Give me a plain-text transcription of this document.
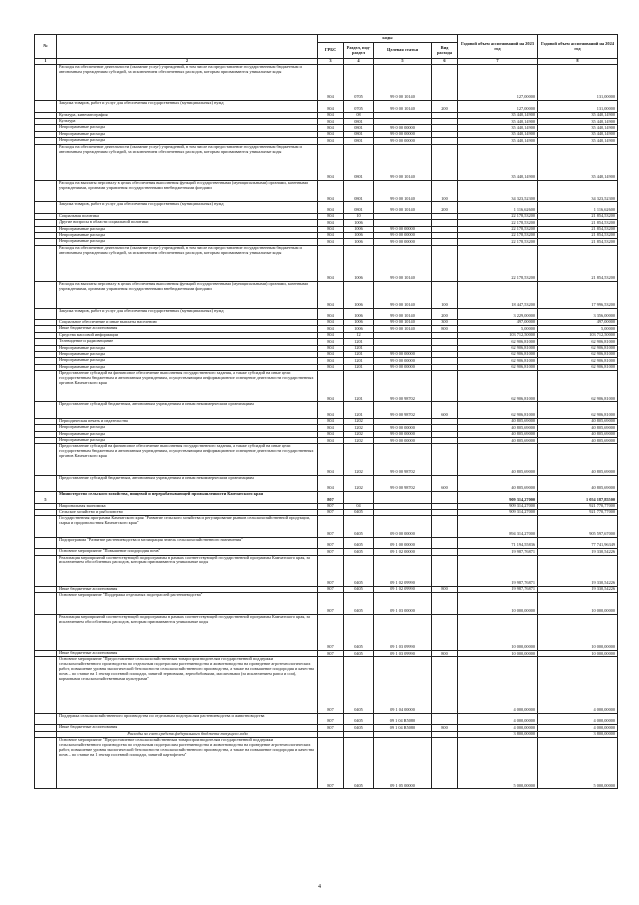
№		коды				Годовой объем ассигнований на 2023 год	Годовой объем ассигнований на 2024 год
		ГРБС	Раздел, под-раздел	Целевая статья	Вид расхода		
1	2	3	4	5	6	7	8
	Расходы на обеспечение деятельности (оказание услуг) учреждений, в том числе на предоставление государственным бюджетным и автономным учреждениям субсидий, за исключением обеспеченных расходов, которым присваиваются уникальные коды	804	0705	99 0 00 10140		127,00000	131,00000
	Закупка товаров, работ и услуг для обеспечения государственных (муниципальных) нужд	804	0705	99 0 00 10140	200	127,00000	131,00000
	Культура, кинематография	804	08			35 440,14900	35 440,14900
	Культура	804	0801			35 440,14900	35 440,14900
	Непрограммные расходы	804	0801	99 0 00 00000		35 440,14900	35 440,14900
	Непрограммные расходы	804	0801	99 0 00 00000		35 440,14900	35 440,14900
	Непрограммные расходы	804	0801	99 0 00 00000		35 440,14900	35 440,14900
	Расходы на обеспечение деятельности (оказание услуг) учреждений, в том числе на предоставление государственным бюджетным и автономным учреждениям субсидий, за исключением обеспеченных расходов, которым присваиваются уникальные коды	804	0801	99 0 00 10140		35 440,14900	35 440,14900
	Расходы на выплаты персоналу в целях обеспечения выполнения функций государственными (муниципальными) органами, казенными учреждениями, органами управления государственными внебюджетными фондами	804	0801	99 0 00 10140	100	34 323,52300	34 323,52300
	Закупка товаров, работ и услуг для обеспечения государственных (муниципальных) нужд	804	0801	99 0 00 10140	200	1 116,62600	1 116,62600
	Социальная политика	804	10			22 178,53200	21 854,53200
	Другие вопросы в области социальной политики	804	1006			22 178,53200	21 854,53200
	Непрограммные расходы	804	1006	99 0 00 00000		22 178,53200	21 854,53200
	Непрограммные расходы	804	1006	99 0 00 00000		22 178,53200	21 854,53200
	Непрограммные расходы	804	1006	99 0 00 00000		22 178,53200	21 854,53200
	Расходы на обеспечение деятельности (оказание услуг) учреждений, в том числе на предоставление государственным бюджетным и автономным учреждениям субсидий, за исключением обеспеченных расходов, которым присваиваются уникальные коды	804	1006	99 0 00 10140		22 178,53200	21 854,53200
	Расходы на выплаты персоналу в целях обеспечения выполнения функций государственными (муниципальными) органами, казенными учреждениями, органами управления государственными внебюджетными фондами	804	1006	99 0 00 10140	100	18 447,53200	17 996,53200
	Закупка товаров, работ и услуг для обеспечения государственных (муниципальных) нужд	804	1006	99 0 00 10140	200	3 229,00000	3 356,00000
	Социальное обеспечение и иные выплаты населению	804	1006	99 0 00 10140	300	497,00000	497,00000
	Иные бюджетные ассигнования	804	1006	99 0 00 10140	800	5,00000	5,00000
	Средства массовой информации	804	12			103 712,50000	103 712,50000
	Телевидение и радиовещание	804	1201			62 906,81000	62 906,81000
	Непрограммные расходы	804	1201			62 906,81000	62 906,81000
	Непрограммные расходы	804	1201	99 0 00 00000		62 906,81000	62 906,81000
	Непрограммные расходы	804	1201	99 0 00 00000		62 906,81000	62 906,81000
	Непрограммные расходы	804	1201	99 0 00 00000		62 906,81000	62 906,81000
	Предоставление субсидий на финансовое обеспечение выполнения государственного задания, а также субсидий на иные цели государственным бюджетным и автономным учреждениям, осуществляющим информационное освещение деятельности государственных органов Камчатского края	804	1201	99 0 00 98702		62 906,81000	62 906,81000
	Предоставление субсидий бюджетным, автономным учреждениям и иным некоммерческим организациям	804	1201	99 0 00 98702	600	62 906,81000	62 906,81000
	Периодическая печать и издательства	804	1202			40 805,69000	40 805,69000
	Непрограммные расходы	804	1202	99 0 00 00000		40 805,69000	40 805,69000
	Непрограммные расходы	804	1202	99 0 00 00000		40 805,69000	40 805,69000
	Непрограммные расходы	804	1202	99 0 00 00000		40 805,69000	40 805,69000
	Предоставление субсидий на финансовое обеспечение выполнения государственного задания, а также субсидий на иные цели государственным бюджетным и автономным учреждениям, осуществляющим информационное освещение деятельности государственных органов Камчатского края	804	1202	99 0 00 98702		40 805,69000	40 805,69000
	Предоставление субсидий бюджетным, автономным учреждениям и иным некоммерческим организациям	804	1202	99 0 00 98702	600	40 805,69000	40 805,69000
5	Министерство сельского хозяйства, пищевой и перерабатывающей промышленности Камчатского края	807				909 314,27000	1 054 187,85500
	Национальная экономика	807	04			909 314,27000	921 770,77000
	Сельское хозяйство и рыболовство	807	0405			909 314,27000	921 770,77000
	Государственная программа Камчатского края "Развитие сельского хозяйства и регулирование рынков сельскохозяйственной продукции, сырья и продовольствия Камчатского края"	807	0405	09 0 00 00000		894 314,27000	905 597,67000
	Подпрограмма "Развитие растениеводства и мелиорация земель сельскохозяйственного назначения"	807	0405	09 1 00 00000		71 194,55836	77 741,96349
	Основное мероприятие "Повышение плодородия почв"	807	0405	09 1 02 00000		19 987,76871	19 330,54226
	Реализация мероприятий соответствующей подпрограммы в рамках соответствующей государственной программы Камчатского края, за исключением обособленных расходов, которым присваиваются уникальные коды	807	0405	09 1 02 09990		19 987,76871	19 330,54226
	Иные бюджетные ассигнования	807	0405	09 1 02 09990	800	19 987,76871	19 330,54226
	Основное мероприятие "Поддержка отдельных подотраслей растениеводства"	807	0405	09 1 03 00000		10 000,00000	10 000,00000
	Реализация мероприятий соответствующей подпрограммы в рамках соответствующей государственной программы Камчатского края, за исключением обособленных расходов, которым присваиваются уникальные коды	807	0405	09 1 03 09990		10 000,00000	10 000,00000
	Иные бюджетные ассигнования	807	0405	09 1 03 09990	800	10 000,00000	10 000,00000
	Основное мероприятие "Предоставление сельскохозяйственным товаропроизводителям государственной поддержки сельскохозяйственного производства по отдельным подотраслям растениеводства и животноводства на проведение агротехнологических работ, повышение уровня экологической безопасности сельскохозяйственного производства, а также на повышение плодородия и качества почв – по ставке на 1 гектар посевной площади, занятой зерновыми, зернобобовыми, масличными (за исключением рапса и сои), кормовыми сельскохозяйственными культурами"	807	0405	09 1 04 00000		4 000,00000	4 000,00000
	Поддержка сельскохозяйственного производства по отдельным подотраслям растениеводства и животноводства	807	0405	09 1 04 R5080		4 000,00000	4 000,00000
	Иные бюджетные ассигнования	807	0405	09 1 04 R5080	800	4 000,00000	4 000,00000
	Расходы за счет средств федерального бюджета текущего года					3 800,00000	3 800,00000
	Основное мероприятие "Предоставление сельскохозяйственным товаропроизводителям государственной поддержки сельскохозяйственного производства по отдельным подотраслям растениеводства и животноводства на проведение агротехнологических работ, повышение уровня экологической безопасности сельскохозяйственного производства, а также на повышение плодородия и качества почв – по ставке на 1 гектар посевной площади, занятой картофелем"	807	0405	09 1 05 00000		5 000,00000	5 000,00000
4
